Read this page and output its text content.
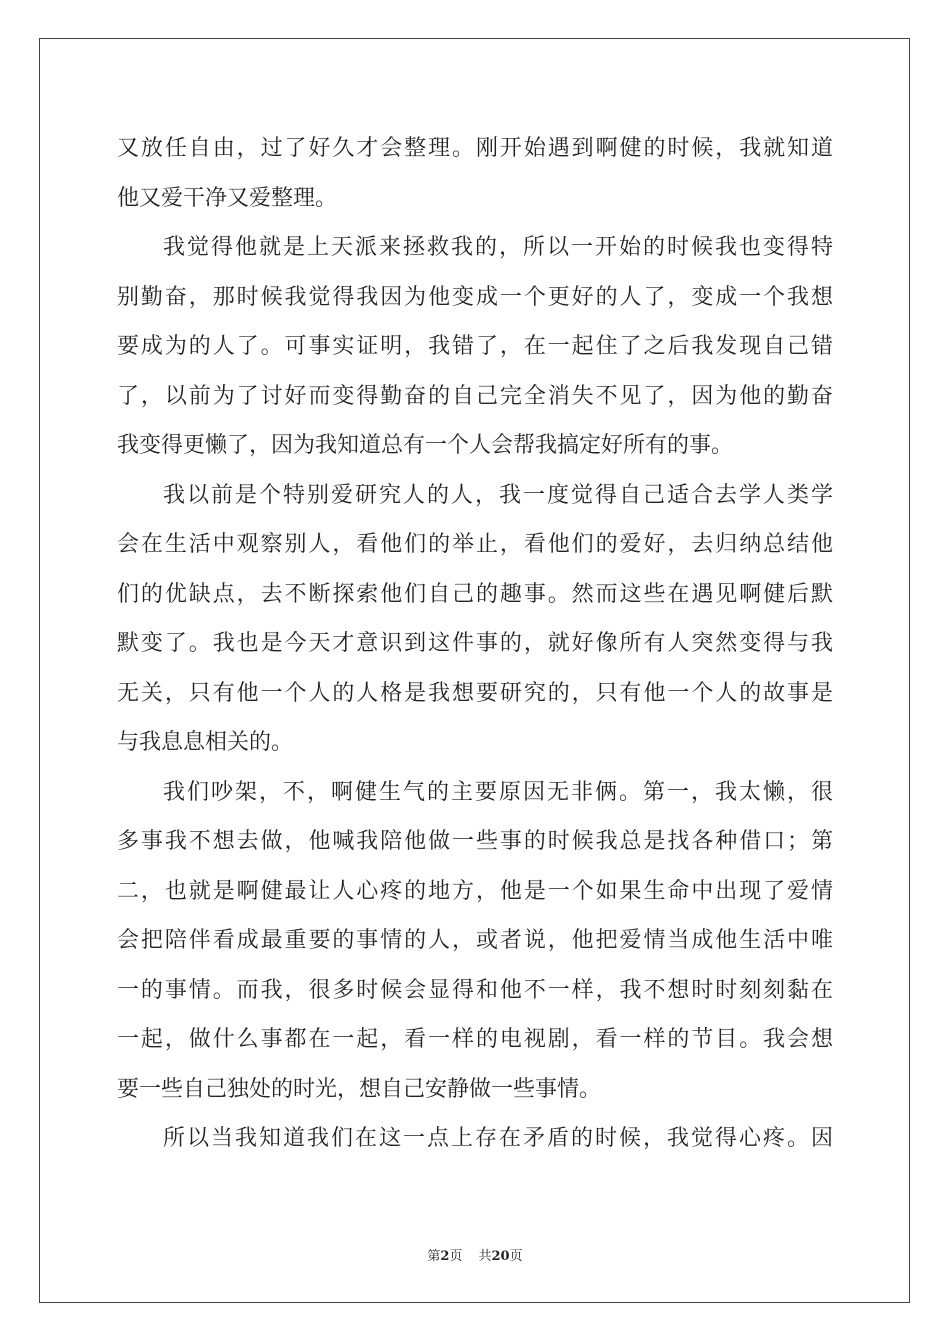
又放任自由，过了好久才会整理。刚开始遇到啊健的时候，我就知道
他又爱干净又爱整理。
我觉得他就是上天派来拯救我的，所以一开始的时候我也变得特
别勤奋，那时候我觉得我因为他变成一个更好的人了，变成一个我想
要成为的人了。可事实证明，我错了，在一起住了之后我发现自己错
了，以前为了讨好而变得勤奋的自己完全消失不见了，因为他的勤奋
我变得更懒了，因为我知道总有一个人会帮我搞定好所有的事。
我以前是个特别爱研究人的人，我一度觉得自己适合去学人类学
会在生活中观察别人，看他们的举止，看他们的爱好，去归纳总结他
们的优缺点，去不断探索他们自己的趣事。然而这些在遇见啊健后默
默变了。我也是今天才意识到这件事的，就好像所有人突然变得与我
无关，只有他一个人的人格是我想要研究的，只有他一个人的故事是
与我息息相关的。
我们吵架，不，啊健生气的主要原因无非俩。第一，我太懒，很
多事我不想去做，他喊我陪他做一些事的时候我总是找各种借口；第
二，也就是啊健最让人心疼的地方，他是一个如果生命中出现了爱情
会把陪伴看成最重要的事情的人，或者说，他把爱情当成他生活中唯
一的事情。而我，很多时候会显得和他不一样，我不想时时刻刻黏在
一起，做什么事都在一起，看一样的电视剧，看一样的节目。我会想
要一些自己独处的时光，想自己安静做一些事情。
所以当我知道我们在这一点上存在矛盾的时候，我觉得心疼。因
第2页 共20页
